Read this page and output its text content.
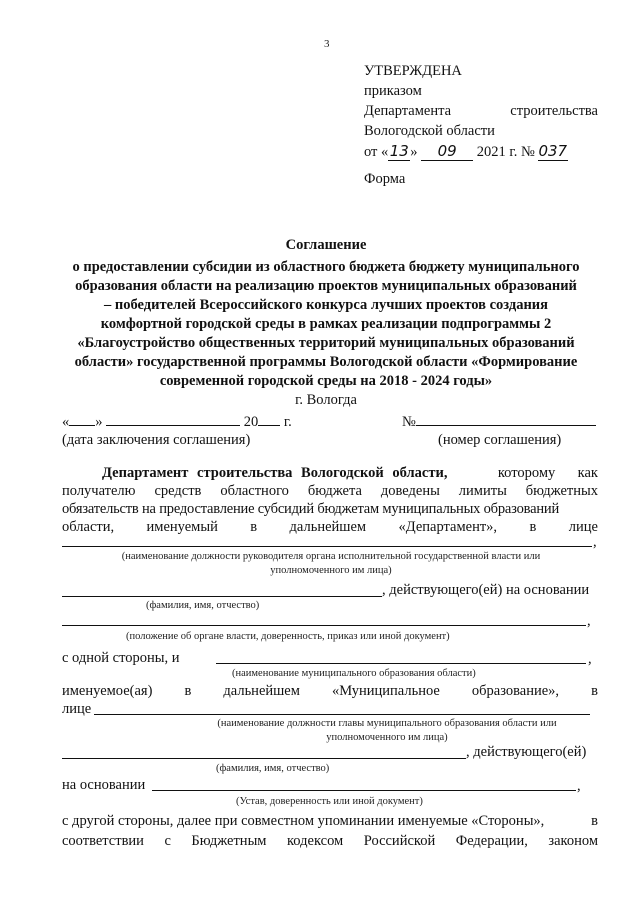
3
УТВЕРЖДЕНА
приказом
Департамента	строительства
Вологодской области
от «13» 09 2021 г. № 037
Форма
Соглашение
о предоставлении субсидии из областного бюджета бюджету муниципального
образования области на реализацию проектов муниципальных образований
– победителей Всероссийского конкурса лучших проектов создания
комфортной городской среды в рамках реализации подпрограммы 2
«Благоустройство общественных территорий муниципальных образований
области» государственной программы Вологодской области «Формирование
современной городской среды на 2018 - 2024 годы»
г. Вологда
« »	20 г.	№
(дата заключения соглашения)	(номер соглашения)
Департамент строительства Вологодской области,	которому как
получателю средств областного бюджета доведены лимиты бюджетных
обязательств на предоставление субсидий бюджетам муниципальных образований
области, именуемый в дальнейшем «Департамент», в лице
,
(наименование должности руководителя органа исполнительной государственной власти или
уполномоченного им лица)
, действующего(ей) на основании
(фамилия, имя, отчество)
,
(положение об органе власти, доверенность, приказ или иной документ)
с одной стороны, и	,
(наименование муниципального образования области)
именуемое(ая) в дальнейшем «Муниципальное образование», в
лице
(наименование должности главы муниципального образования области или
уполномоченного им лица)
, действующего(ей)
(фамилия, имя, отчество)
на основании	,
(Устав, доверенность или иной документ)
с другой стороны, далее при совместном упоминании именуемые «Стороны»,	в
соответствии с Бюджетным кодексом Российской Федерации, законом
